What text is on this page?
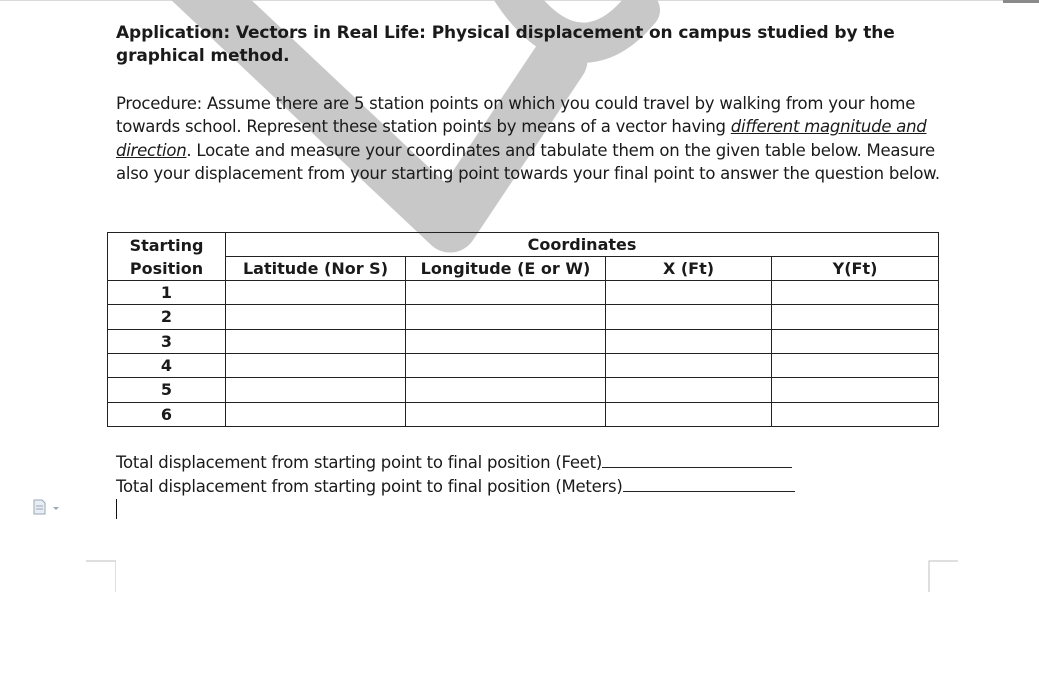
Application: Vectors in Real Life: Physical displacement on campus studied by the graphical method.
Procedure: Assume there are 5 station points on which you could travel by walking from your home towards school. Represent these station points by means of a vector having different magnitude and direction. Locate and measure your coordinates and tabulate them on the given table below. Measure also your displacement from your starting point towards your final point to answer the question below.
Starting
Position	Coordinates			
	Latitude (Nor S)	Longitude (E or W)	X (Ft)	Y(Ft)
1				
2				
3				
4				
5				
6				
Total displacement from starting point to final position (Feet)
Total displacement from starting point to final position (Meters)
